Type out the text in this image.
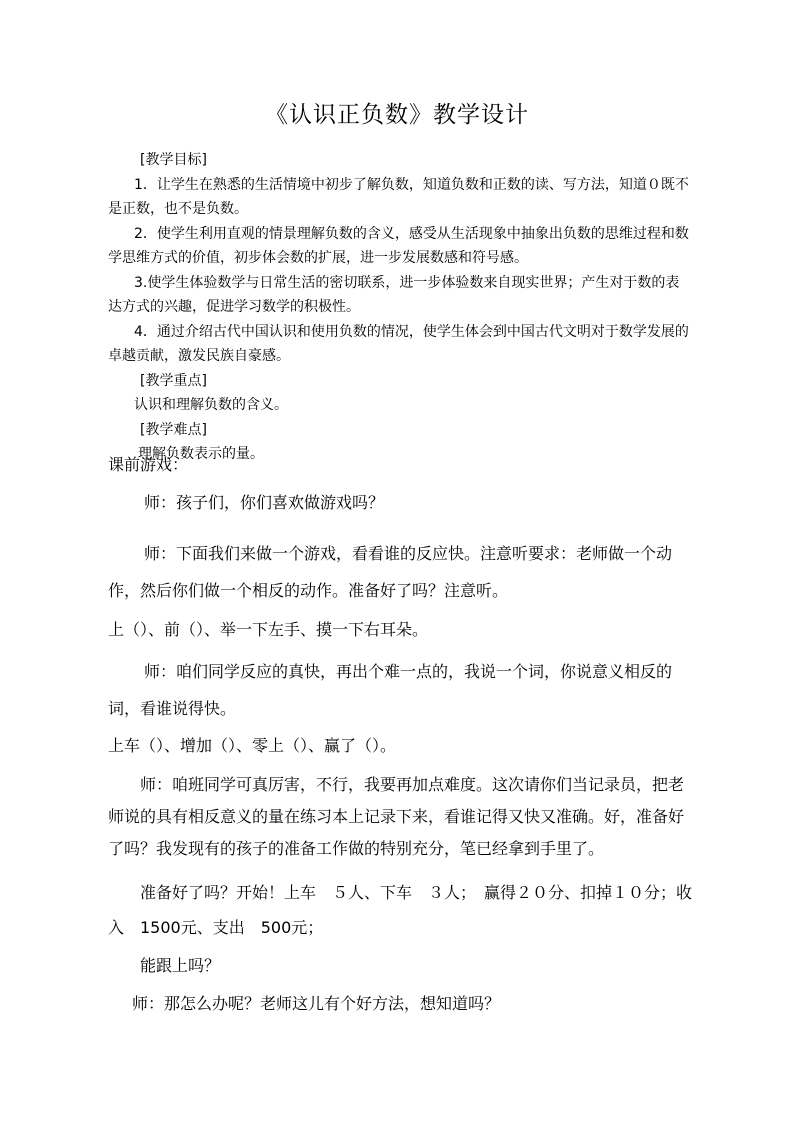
《认识正负数》教学设计

[教学目标]

1．让学生在熟悉的生活情境中初步了解负数，知道负数和正数的读、写方法，知道０既不是正数，也不是负数。

2．使学生利用直观的情景理解负数的含义，感受从生活现象中抽象出负数的思维过程和数学思维方式的价值，初步体会数的扩展，进一步发展数感和符号感。

3.使学生体验数学与日常生活的密切联系，进一步体验数来自现实世界；产生对于数的表达方式的兴趣，促进学习数学的积极性。

4．通过介绍古代中国认识和使用负数的情况，使学生体会到中国古代文明对于数学发展的卓越贡献，激发民族自豪感。

[教学重点]

认识和理解负数的含义。

[教学难点]

理解负数表示的量。

课前游戏：

师：孩子们，你们喜欢做游戏吗？

师：下面我们来做一个游戏，看看谁的反应快。注意听要求：老师做一个动作，然后你们做一个相反的动作。准备好了吗？注意听。

上（）、前（）、举一下左手、摸一下右耳朵。

师：咱们同学反应的真快，再出个难一点的，我说一个词，你说意义相反的词，看谁说得快。

上车（）、增加（）、零上（）、赢了（）。

师：咱班同学可真厉害，不行，我要再加点难度。这次请你们当记录员，把老师说的具有相反意义的量在练习本上记录下来，看谁记得又快又准确。好，准备好了吗？我发现有的孩子的准备工作做的特别充分，笔已经拿到手里了。

准备好了吗？开始！上车　５人、下车　３人；　赢得２０分、扣掉１０分；收入　1500元、支出　500元；

能跟上吗？

师：那怎么办呢？老师这儿有个好方法，想知道吗？
